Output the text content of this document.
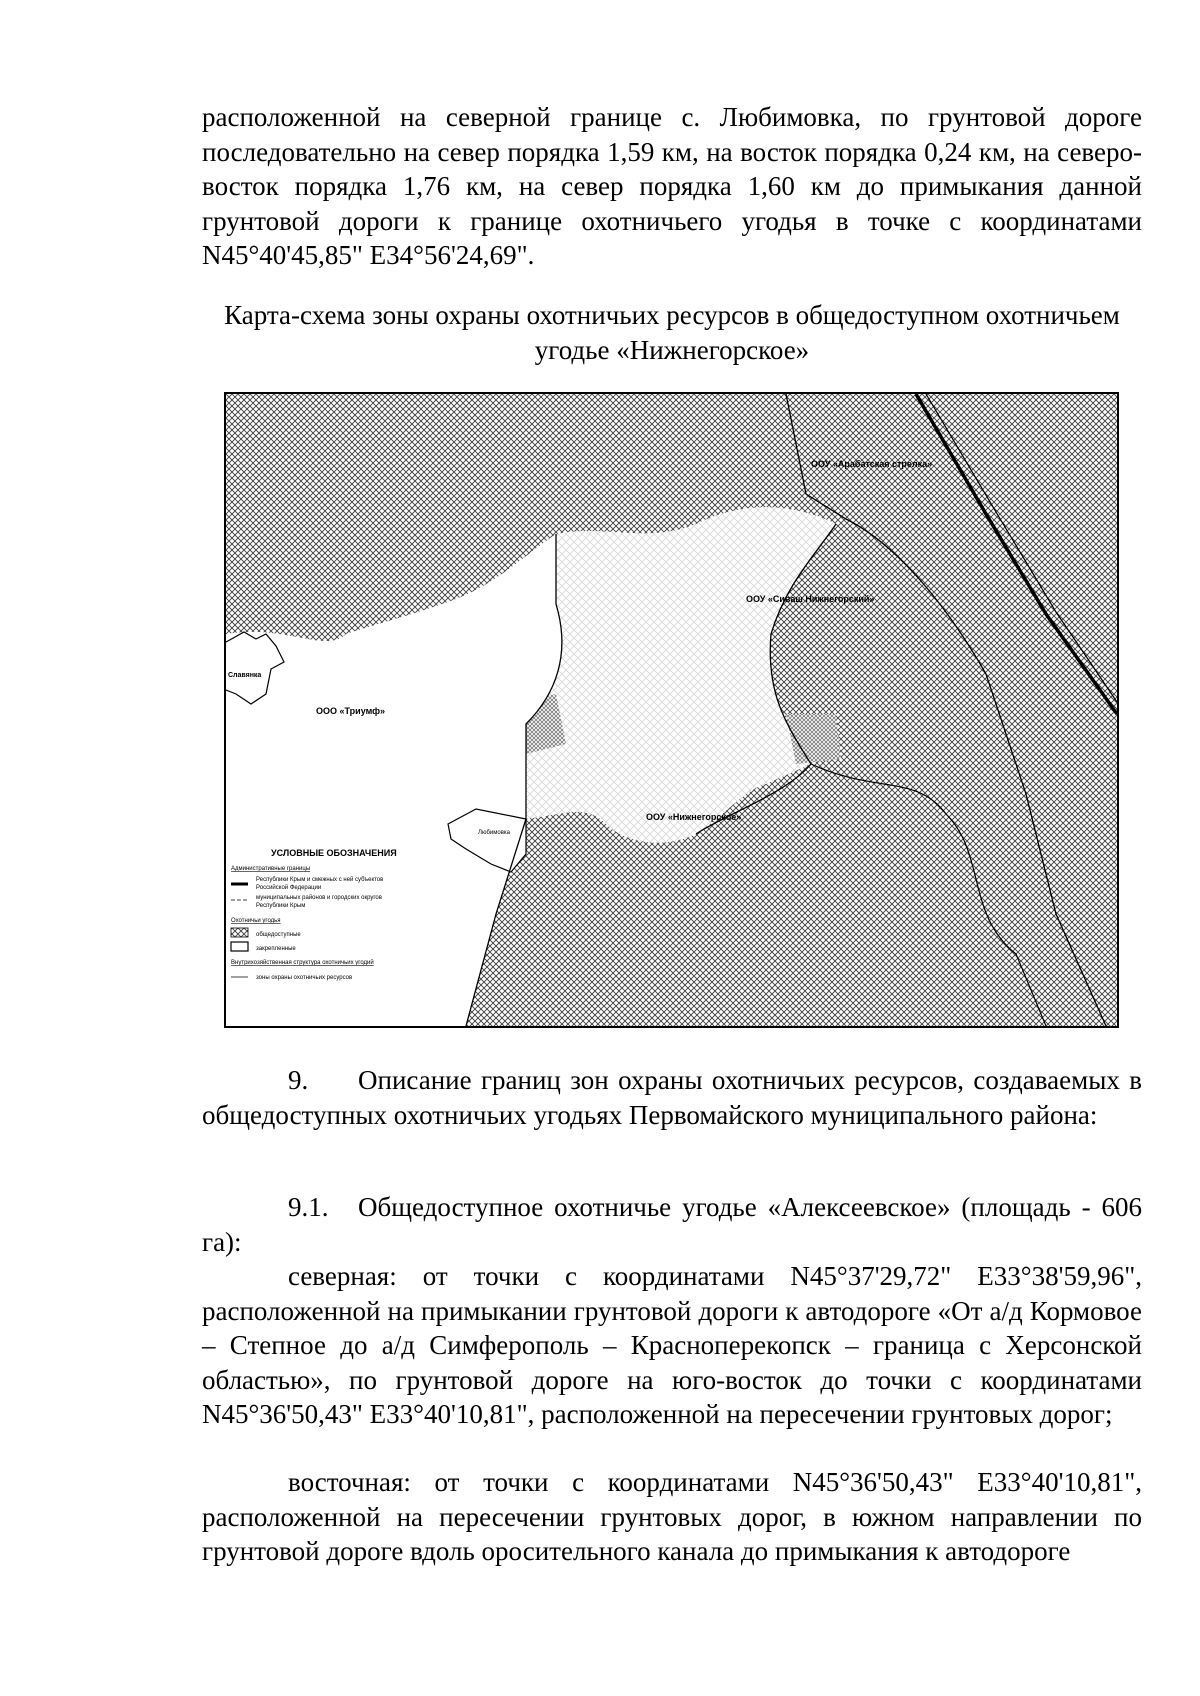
расположенной на северной границе с. Любимовка, по грунтовой дороге последовательно на север порядка 1,59 км, на восток порядка 0,24 км, на северо-восток порядка 1,76 км, на север порядка 1,60 км до примыкания данной грунтовой дороги к границе охотничьего угодья в точке с координатами N45°40'45,85" E34°56'24,69".

Карта-схема зоны охраны охотничьих ресурсов в общедоступном охотничьем
угодье «Нижнегорское»

ООУ «Арабатская стрелка»
ООУ «Сиваш Нижнегорский»
ООО «Триумф»
ООУ «Нижнегорское»
Славянка
Любимовка
УСЛОВНЫЕ ОБОЗНАЧЕНИЯ
Административные границы
Республики Крым и смежных с ней субъектов
Российской Федерации
муниципальных районов и городских округов
Республики Крым
Охотничьи угодья
общедоступные
закрепленные
Внутрихозяйственная структура охотничьих угодий
зоны охраны охотничьих ресурсов

9. Описание границ зон охраны охотничьих ресурсов, создаваемых в общедоступных охотничьих угодьях Первомайского муниципального района:

9.1. Общедоступное охотничье угодье «Алексеевское» (площадь - 606 га):

северная: от точки с координатами N45°37'29,72" E33°38'59,96", расположенной на примыкании грунтовой дороги к автодороге «От а/д Кормовое – Степное до а/д Симферополь – Красноперекопск – граница с Херсонской областью», по грунтовой дороге на юго-восток до точки с координатами N45°36'50,43" E33°40'10,81", расположенной на пересечении грунтовых дорог;

восточная: от точки с координатами N45°36'50,43" E33°40'10,81", расположенной на пересечении грунтовых дорог, в южном направлении по грунтовой дороге вдоль оросительного канала до примыкания к автодороге
